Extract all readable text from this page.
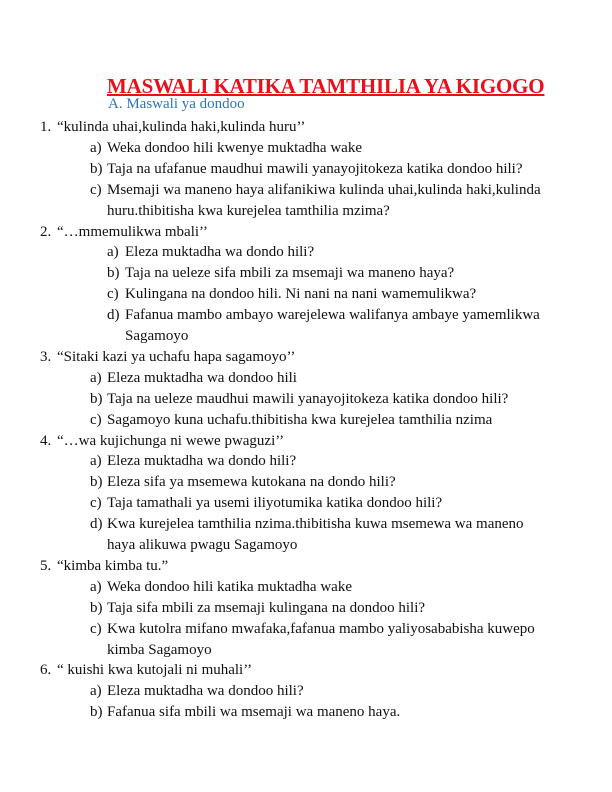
MASWALI KATIKA TAMTHILIA YA KIGOGO
A. Maswali ya dondoo
1. “kulinda uhai,kulinda haki,kulinda huru’’
a) Weka dondoo hili kwenye muktadha wake
b) Taja na ufafanue maudhui mawili yanayojitokeza katika dondoo hili?
c) Msemaji wa maneno haya alifanikiwa kulinda uhai,kulinda haki,kulinda
huru.thibitisha kwa kurejelea tamthilia mzima?
2. “…mmemulikwa mbali’’
a) Eleza muktadha wa dondo hili?
b) Taja na ueleze sifa mbili za msemaji wa maneno haya?
c) Kulingana na dondoo hili. Ni nani na nani wamemulikwa?
d) Fafanua mambo ambayo warejelewa walifanya ambaye yamemlikwa
Sagamoyo
3. “Sitaki kazi ya uchafu hapa sagamoyo’’
a) Eleza muktadha wa dondoo hili
b) Taja na ueleze maudhui mawili yanayojitokeza katika dondoo hili?
c) Sagamoyo kuna uchafu.thibitisha kwa kurejelea tamthilia nzima
4. “…wa kujichunga ni wewe pwaguzi’’
a) Eleza muktadha wa dondo hili?
b) Eleza sifa ya msemewa kutokana na dondo hili?
c) Taja tamathali ya usemi iliyotumika katika dondoo hili?
d) Kwa kurejelea tamthilia nzima.thibitisha kuwa msemewa wa maneno
haya alikuwa pwagu Sagamoyo
5. “kimba kimba tu.”
a) Weka dondoo hili katika muktadha wake
b) Taja sifa mbili za msemaji kulingana na dondoo hili?
c) Kwa kutolra mifano mwafaka,fafanua mambo yaliyosababisha kuwepo
kimba Sagamoyo
6. “ kuishi kwa kutojali ni muhali’’
a) Eleza muktadha wa dondoo hili?
b) Fafanua sifa mbili wa msemaji wa maneno haya.
